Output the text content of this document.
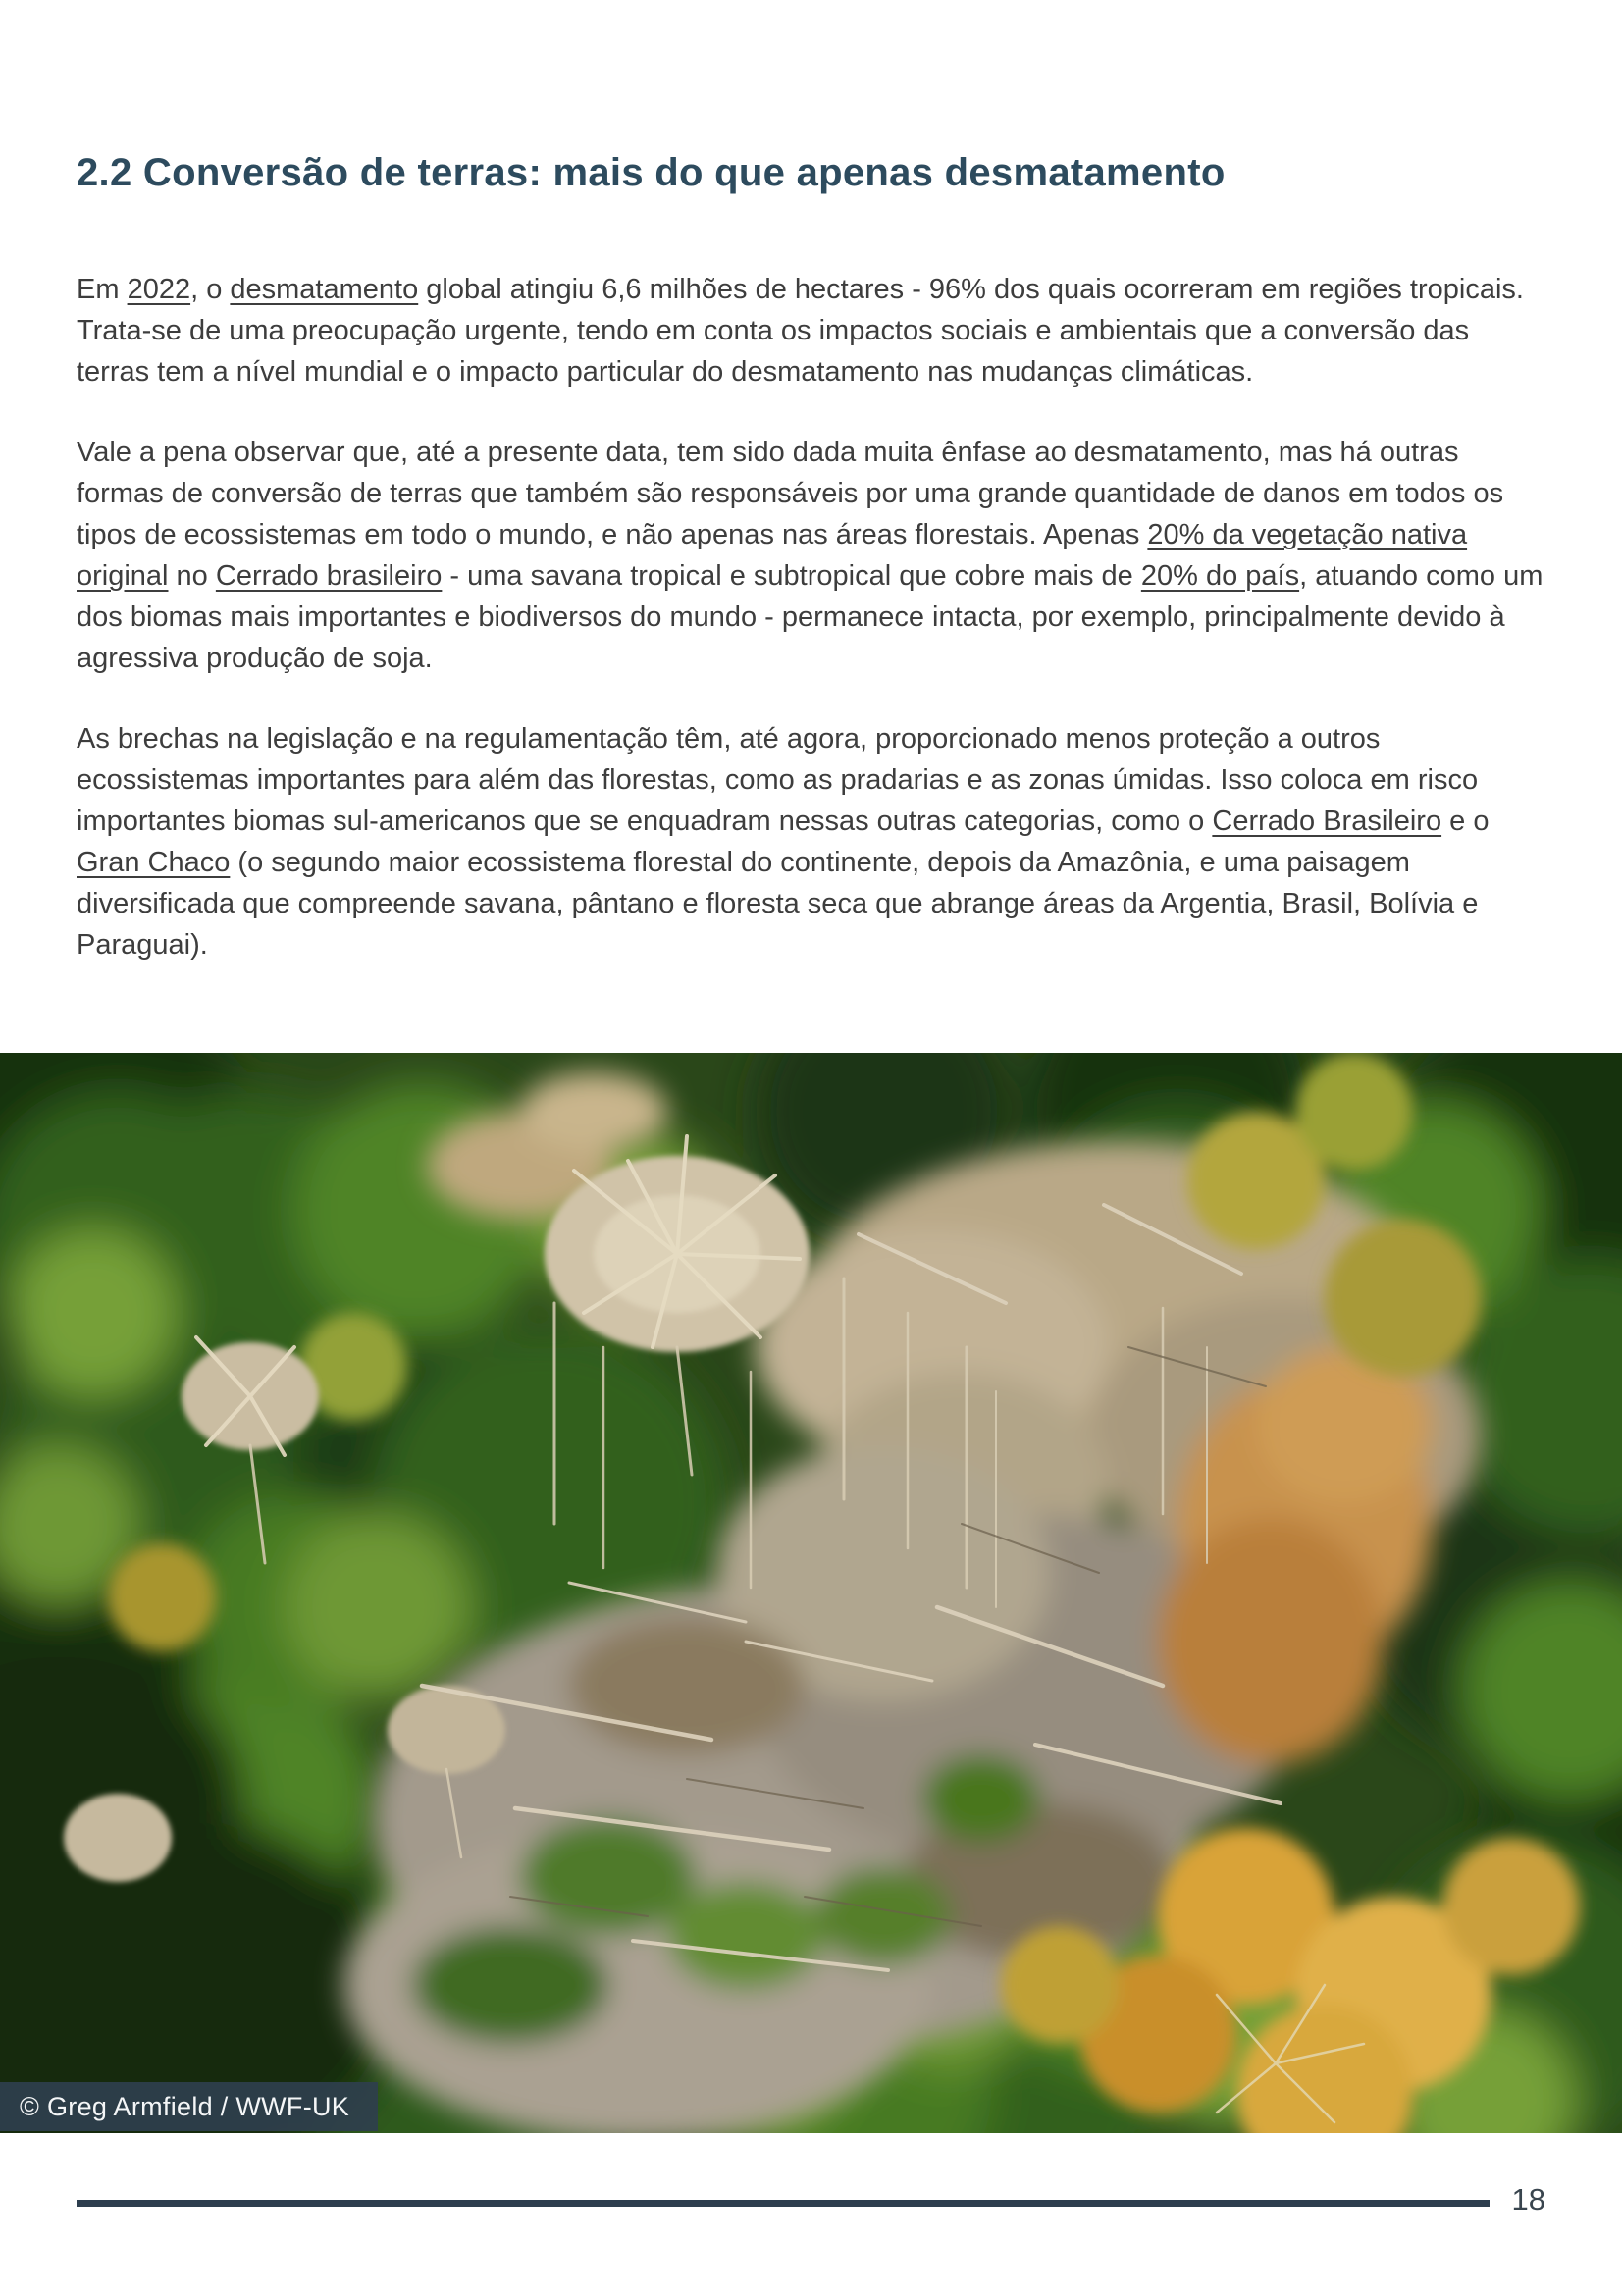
2.2 Conversão de terras: mais do que apenas desmatamento

Em 2022, o desmatamento global atingiu 6,6 milhões de hectares - 96% dos quais ocorreram em regiões tropicais. Trata-se de uma preocupação urgente, tendo em conta os impactos sociais e ambientais que a conversão das terras tem a nível mundial e o impacto particular do desmatamento nas mudanças climáticas.

Vale a pena observar que, até a presente data, tem sido dada muita ênfase ao desmatamento, mas há outras formas de conversão de terras que também são responsáveis por uma grande quantidade de danos em todos os tipos de ecossistemas em todo o mundo, e não apenas nas áreas florestais. Apenas 20% da vegetação nativa original no Cerrado brasileiro - uma savana tropical e subtropical que cobre mais de 20% do país, atuando como um dos biomas mais importantes e biodiversos do mundo - permanece intacta, por exemplo, principalmente devido à agressiva produção de soja.

As brechas na legislação e na regulamentação têm, até agora, proporcionado menos proteção a outros ecossistemas importantes para além das florestas, como as pradarias e as zonas úmidas. Isso coloca em risco importantes biomas sul-americanos que se enquadram nessas outras categorias, como o Cerrado Brasileiro e o Gran Chaco (o segundo maior ecossistema florestal do continente, depois da Amazônia, e uma paisagem diversificada que compreende savana, pântano e floresta seca que abrange áreas da Argentia, Brasil, Bolívia e Paraguai).

© Greg Armfield / WWF-UK
18
